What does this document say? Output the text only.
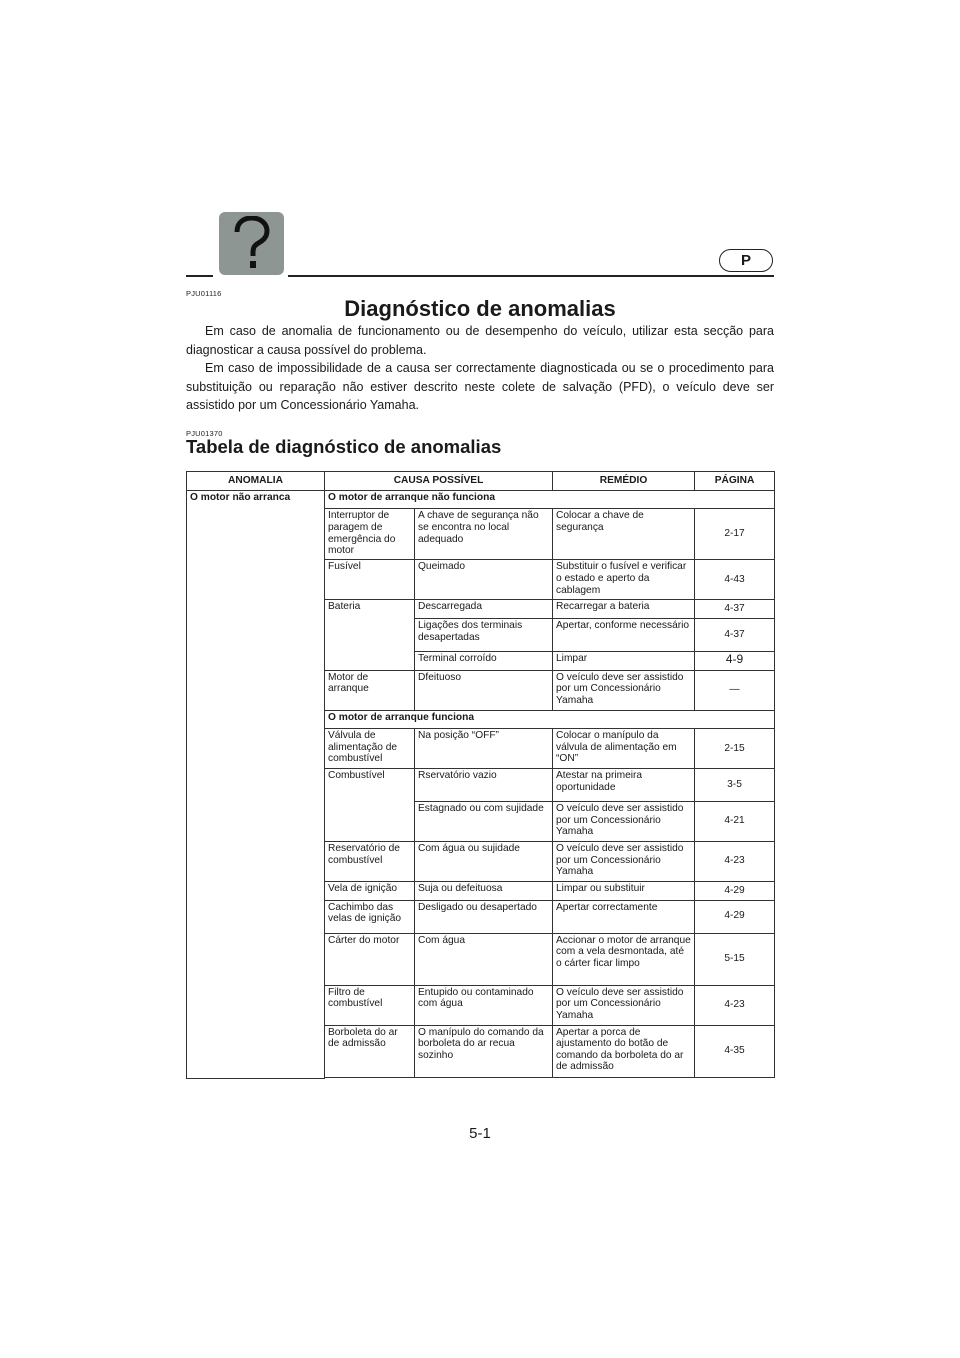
P
PJU01116
Diagnóstico de anomalias

Em caso de anomalia de funcionamento ou de desempenho do veículo, utilizar esta secção para diagnosticar a causa possível do problema.

Em caso de impossibilidade de a causa ser correctamente diagnosticada ou se o procedimento para substituição ou reparação não estiver descrito neste colete de salvação (PFD), o veículo deve ser assistido por um Concessionário Yamaha.

PJU01370
Tabela de diagnóstico de anomalias
ANOMALIA	CAUSA POSSÍVEL		REMÉDIO	PÁGINA
O motor não arranca	O motor de arranque não funciona			
	Interruptor de paragem de emergência do motor	A chave de segurança não se encontra no local adequado	Colocar a chave de segurança	2-17
	Fusível	Queimado	Substituir o fusível e verificar o estado e aperto da cablagem	4-43
	Bateria	Descarregada	Recarregar a bateria	4-37
		Ligações dos terminais desapertadas	Apertar, conforme necessário	4-37
		Terminal corroído	Limpar	4-9
	Motor de arranque	Dfeituoso	O veículo deve ser assistido por um Concessionário Yamaha	—
	O motor de arranque funciona			
	Válvula de alimentação de combustível	Na posição “OFF”	Colocar o manípulo da válvula de alimentação em “ON”	2-15
	Combustível	Rservatório vazio	Atestar na primeira oportunidade	3-5
		Estagnado ou com sujidade	O veículo deve ser assistido por um Concessionário Yamaha	4-21
	Reservatório de combustível	Com água ou sujidade	O veículo deve ser assistido por um Concessionário Yamaha	4-23
	Vela de ignição	Suja ou defeituosa	Limpar ou substituir	4-29
	Cachimbo das velas de ignição	Desligado ou desapertado	Apertar correctamente	4-29
	Cárter do motor	Com água	Accionar o motor de arranque com a vela desmontada, até o cárter ficar limpo	5-15
	Filtro de combustível	Entupido ou contaminado com água	O veículo deve ser assistido por um Concessionário Yamaha	4-23
	Borboleta do ar de admissão	O manípulo do comando da borboleta do ar recua sozinho	Apertar a porca de ajustamento do botão de comando da borboleta do ar de admissão	4-35

5-1
